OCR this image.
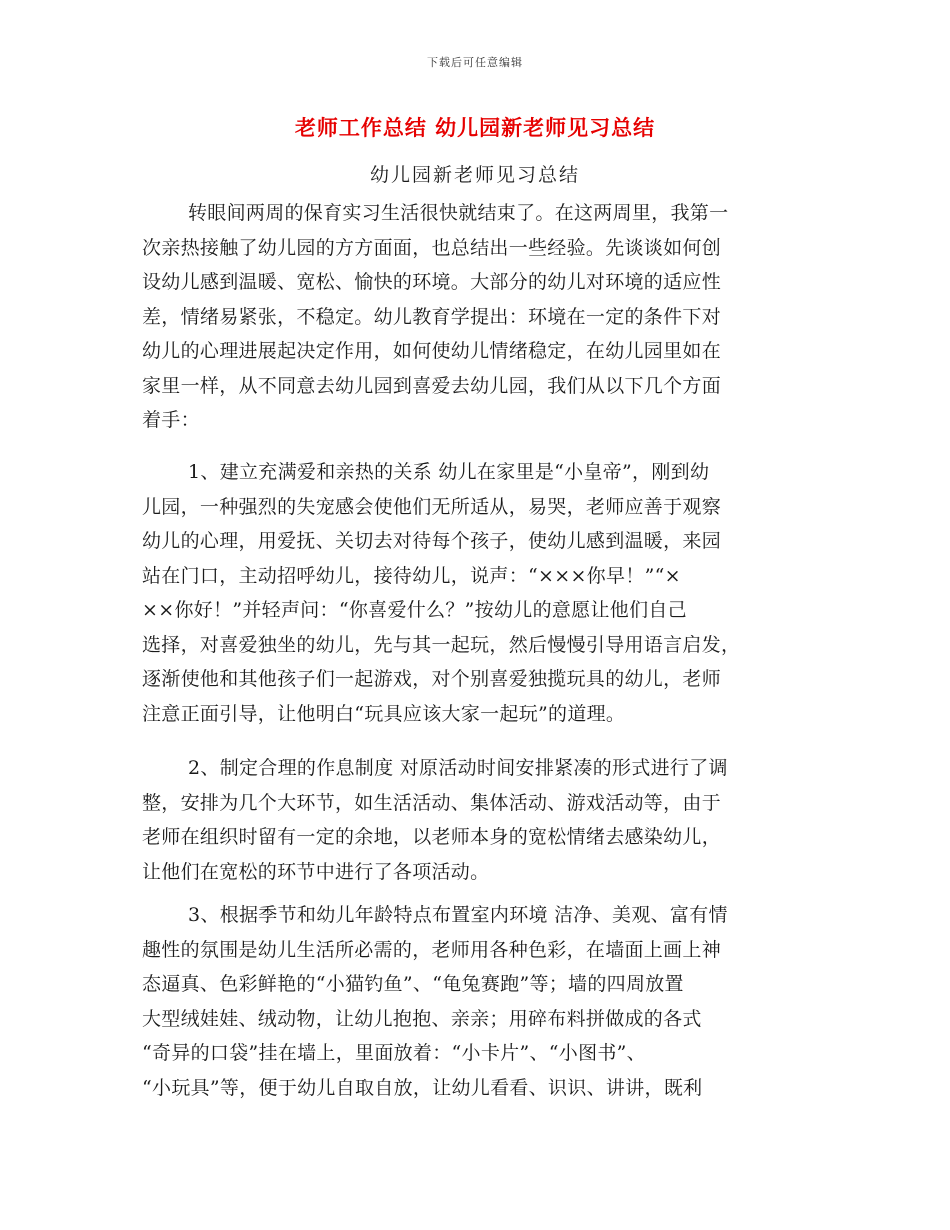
下载后可任意编辑
老师工作总结 幼儿园新老师见习总结
幼儿园新老师见习总结
转眼间两周的保育实习生活很快就结束了。在这两周里，我第一
次亲热接触了幼儿园的方方面面，也总结出一些经验。先谈谈如何创
设幼儿感到温暖、宽松、愉快的环境。大部分的幼儿对环境的适应性
差，情绪易紧张，不稳定。幼儿教育学提出：环境在一定的条件下对
幼儿的心理进展起决定作用，如何使幼儿情绪稳定，在幼儿园里如在
家里一样，从不同意去幼儿园到喜爱去幼儿园，我们从以下几个方面
着手：
1、建立充满爱和亲热的关系 幼儿在家里是“小皇帝”，刚到幼
儿园，一种强烈的失宠感会使他们无所适从，易哭，老师应善于观察
幼儿的心理，用爱抚、关切去对待每个孩子，使幼儿感到温暖，来园
站在门口，主动招呼幼儿，接待幼儿，说声：“×××你早！”“×
××你好！”并轻声问：“你喜爱什么？”按幼儿的意愿让他们自己
选择，对喜爱独坐的幼儿，先与其一起玩，然后慢慢引导用语言启发，
逐渐使他和其他孩子们一起游戏，对个别喜爱独揽玩具的幼儿，老师
注意正面引导，让他明白“玩具应该大家一起玩”的道理。
2、制定合理的作息制度 对原活动时间安排紧凑的形式进行了调
整，安排为几个大环节，如生活活动、集体活动、游戏活动等，由于
老师在组织时留有一定的余地，以老师本身的宽松情绪去感染幼儿，
让他们在宽松的环节中进行了各项活动。
3、根据季节和幼儿年龄特点布置室内环境 洁净、美观、富有情
趣性的氛围是幼儿生活所必需的，老师用各种色彩，在墙面上画上神
态逼真、色彩鲜艳的“小猫钓鱼”、“龟兔赛跑”等；墙的四周放置
大型绒娃娃、绒动物，让幼儿抱抱、亲亲；用碎布料拼做成的各式
“奇异的口袋”挂在墙上，里面放着：“小卡片”、“小图书”、
“小玩具”等，便于幼儿自取自放，让幼儿看看、识识、讲讲，既利
